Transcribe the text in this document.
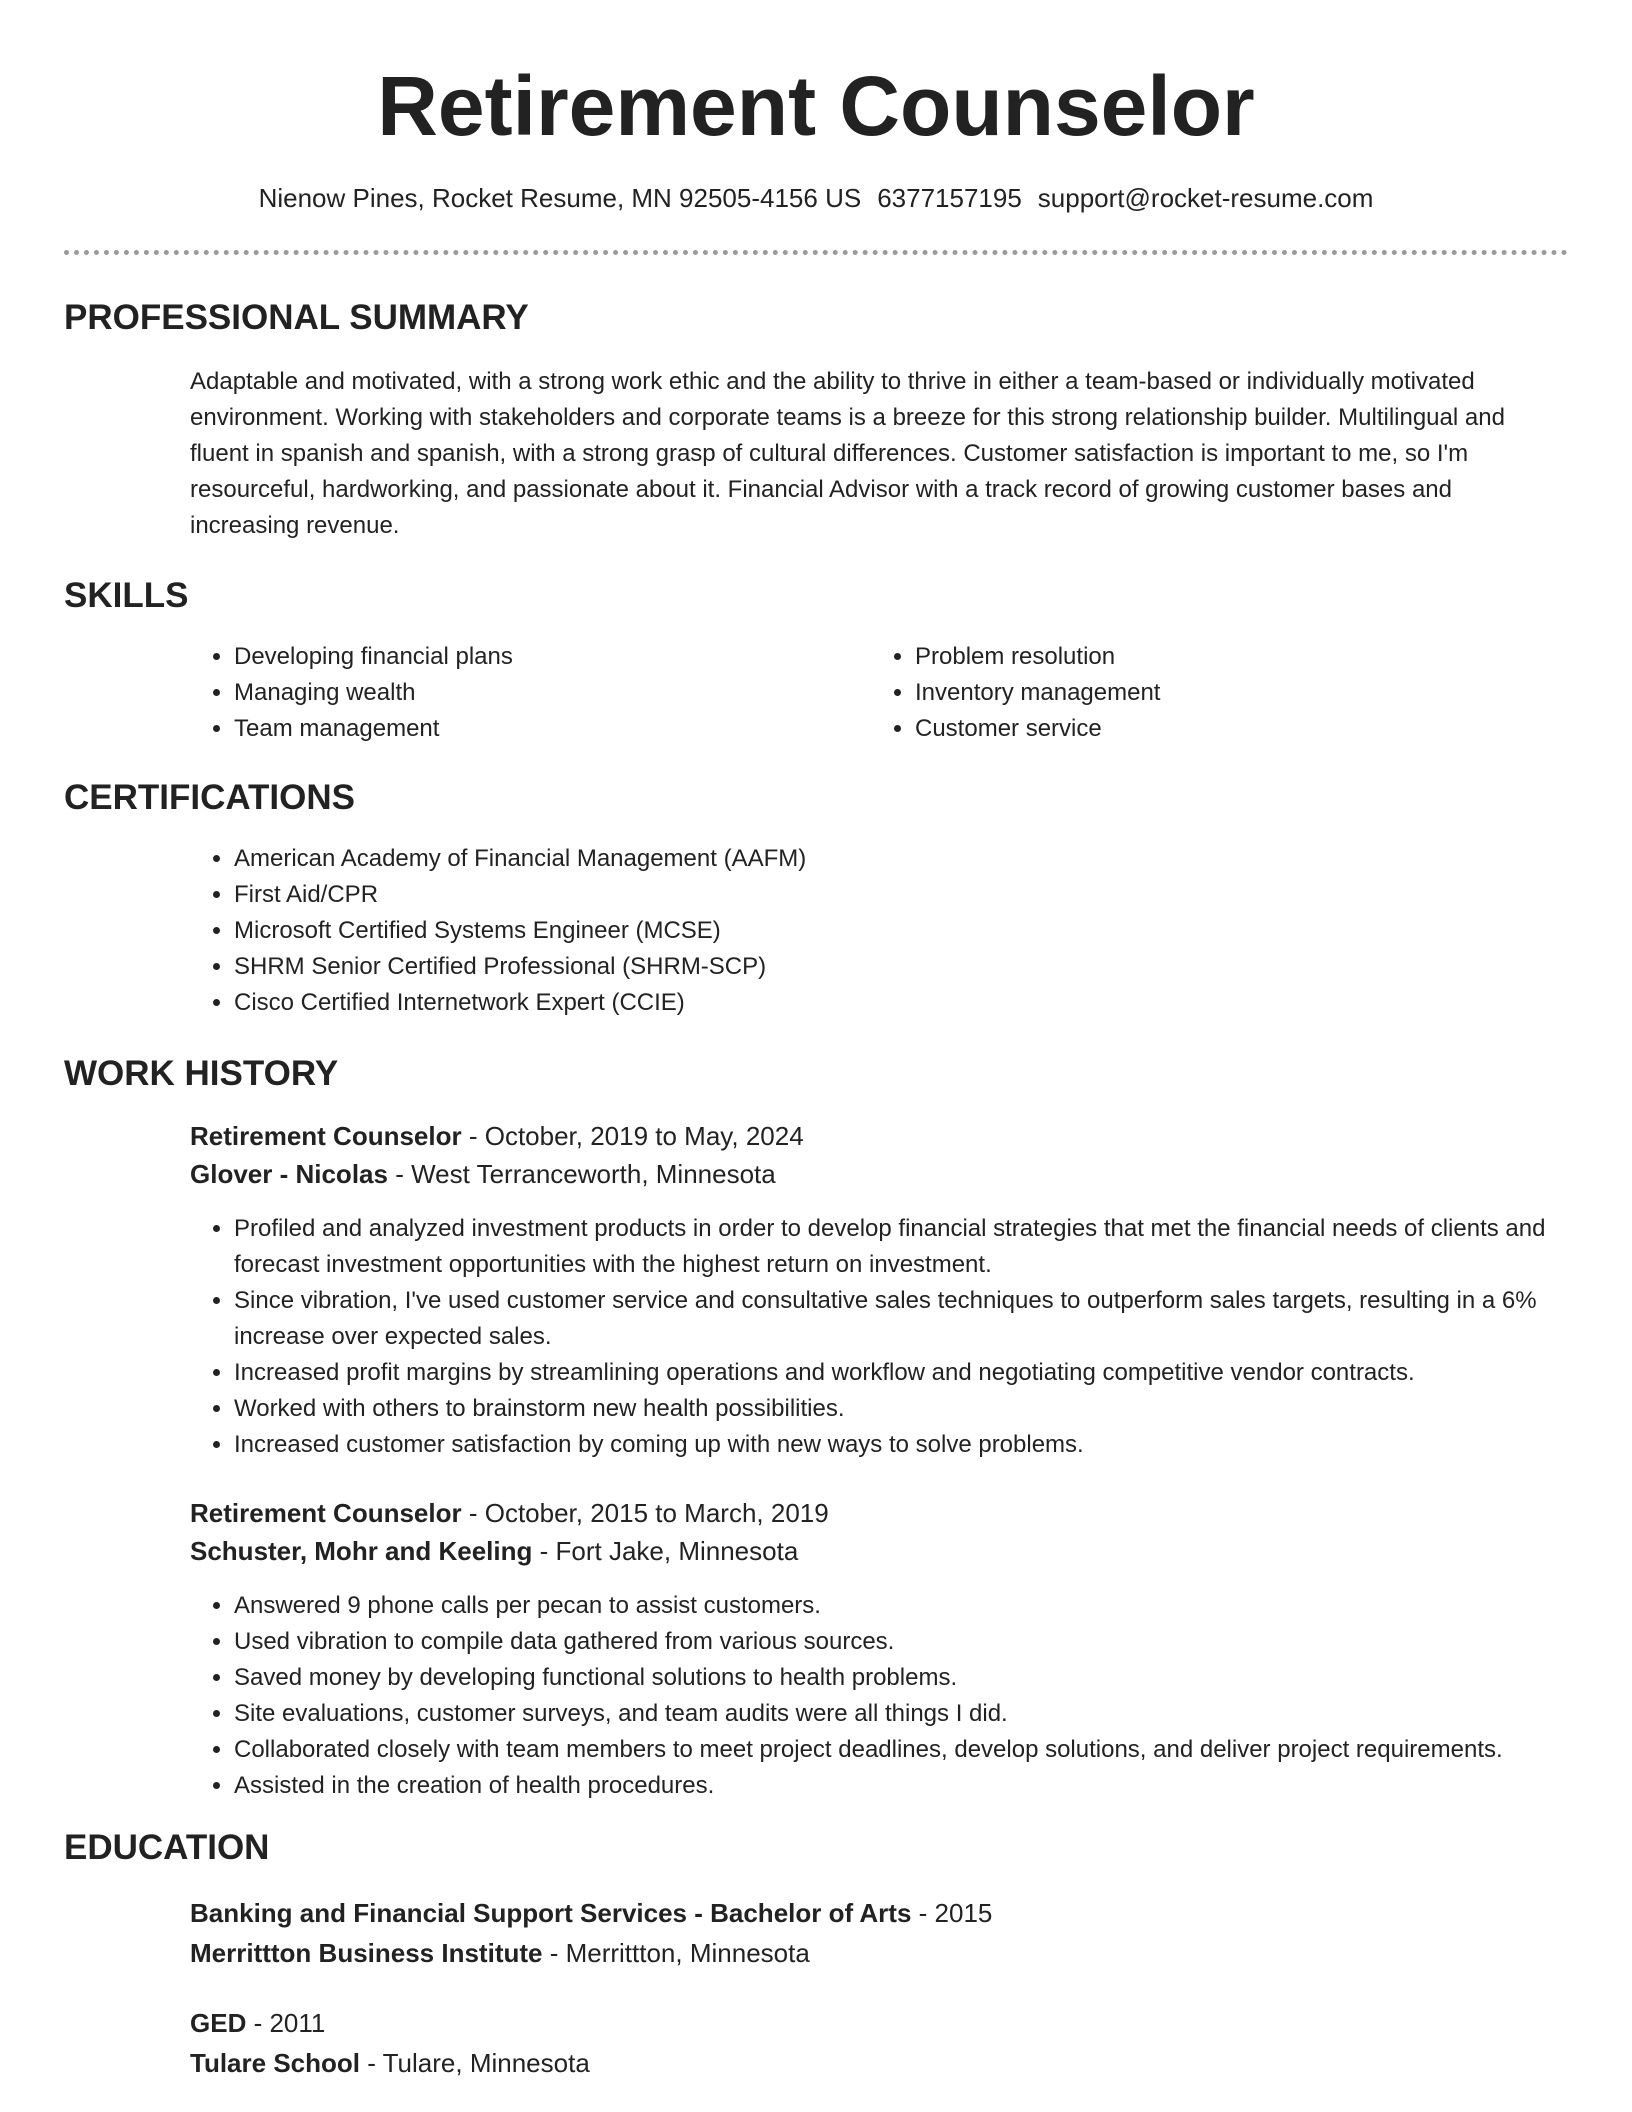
Retirement Counselor
Nienow Pines, Rocket Resume, MN 92505-4156 US 6377157195 support@rocket-resume.com
PROFESSIONAL SUMMARY

Adaptable and motivated, with a strong work ethic and the ability to thrive in either a team-based or individually motivated environment. Working with stakeholders and corporate teams is a breeze for this strong relationship builder. Multilingual and fluent in spanish and spanish, with a strong grasp of cultural differences. Customer satisfaction is important to me, so I'm resourceful, hardworking, and passionate about it. Financial Advisor with a track record of growing customer bases and increasing revenue.

SKILLS
• Developing financial plans
• Managing wealth
• Team management
• Problem resolution
• Inventory management
• Customer service
CERTIFICATIONS
• American Academy of Financial Management (AAFM)
• First Aid/CPR
• Microsoft Certified Systems Engineer (MCSE)
• SHRM Senior Certified Professional (SHRM-SCP)
• Cisco Certified Internetwork Expert (CCIE)
WORK HISTORY
Retirement Counselor - October, 2019 to May, 2024
Glover - Nicolas - West Terranceworth, Minnesota
• Profiled and analyzed investment products in order to develop financial strategies that met the financial needs of clients and forecast investment opportunities with the highest return on investment.
• Since vibration, I've used customer service and consultative sales techniques to outperform sales targets, resulting in a 6% increase over expected sales.
• Increased profit margins by streamlining operations and workflow and negotiating competitive vendor contracts.
• Worked with others to brainstorm new health possibilities.
• Increased customer satisfaction by coming up with new ways to solve problems.
Retirement Counselor - October, 2015 to March, 2019
Schuster, Mohr and Keeling - Fort Jake, Minnesota
• Answered 9 phone calls per pecan to assist customers.
• Used vibration to compile data gathered from various sources.
• Saved money by developing functional solutions to health problems.
• Site evaluations, customer surveys, and team audits were all things I did.
• Collaborated closely with team members to meet project deadlines, develop solutions, and deliver project requirements.
• Assisted in the creation of health procedures.
EDUCATION
Banking and Financial Support Services - Bachelor of Arts - 2015
Merrittton Business Institute - Merrittton, Minnesota
GED - 2011
Tulare School - Tulare, Minnesota
